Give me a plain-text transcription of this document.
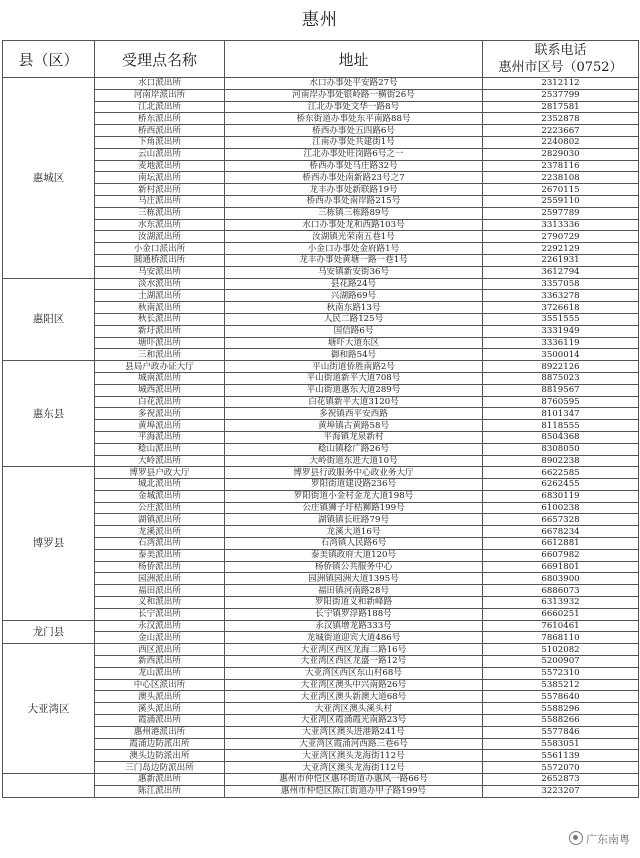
惠州
县（区）	受理点名称	地址	联系电话
惠州市区号（0752）

惠城区	水口派出所	水口办事处平安路27号	2312112
	河南岸派出所	河南岸办事处银岭路一横街26号	2537799
	江北派出所	江北办事处文华一路8号	2817581
	桥东派出所	桥东街道办事处东平南路88号	2352878
	桥西派出所	桥西办事处五四路6号	2223667
	下角派出所	江南办事处共建街1号	2240802
	云山派出所	江北办事处旺岗路6号之一	2829030
	麦地派出所	桥西办事处马庄路32号	2378116
	南坛派出所	桥西办事处南新路23号之7	2238108
	新村派出所	龙丰办事处新联路19号	2670115
	马庄派出所	桥西办事处南岸路215号	2559110
	三栋派出所	三栋镇三栋路89号	2597789
	水东派出所	水口办事处龙和西路103号	3313336
	汝湖派出所	汝湖镇光荣南五巷1号	2790729
	小金口派出所	小金口办事处金府路1号	2292129
	圆通桥派出所	龙丰办事处黄塘一路一巷1号	2261931
	马安派出所	马安镇新安街36号	3612794
惠阳区	淡水派出所	县花路24号	3357058
	土湖派出所	兴湖路69号	3363278
	秋南派出所	秋南东路13号	3726618
	秋长派出所	人民二路125号	3551555
	新圩派出所	国信路6号	3331949
	塘吓派出所	塘吓大道东区	3336119
	三和派出所	御和路54号	3500014
惠东县	县局户政办证大厅	平山街道侨胜南路2号	8922126
	城南派出所	平山街道新平大道708号	8875023
	城西派出所	平山街道惠东大道289号	8819567
	白花派出所	白花镇新平大道3120号	8760595
	多祝派出所	多祝镇西平安西路	8101347
	黄埠派出所	黄埠镇古黄路58号	8118555
	平海派出所	平海镇龙泉新村	8504368
	稔山派出所	稔山镇稔广路26号	8308050
	大岭派出所	大岭街道东进大道10号	8902238
博罗县	博罗县户政大厅	博罗县行政服务中心政业务大厅	6622585
	城北派出所	罗阳街道建设路236号	6262455
	金城派出所	罗阳街道小金村金龙大道198号	6830119
	公庄派出所	公庄镇狮子圩桔狮路199号	6100238
	湖镇派出所	湖镇镇长旺路79号	6657328
	龙溪派出所	龙溪大道16号	6678234
	石湾派出所	石湾镇人民路6号	6612881
	泰美派出所	泰美镇政府大道120号	6607982
	杨侨派出所	杨侨镇公共服务中心	6691801
	园洲派出所	园洲镇园洲大道1395号	6803900
	福田派出所	福田镇河南路28号	6886073
	义和派出所	罗阳街道义和新峰路	6313932
	长宁派出所	长宁镇罗浮路188号	6660251
龙门县	永汉派出所	永汉镇增龙路333号	7610461
	金山派出所	龙城街道迎宾大道486号	7868110
大亚湾区	西区派出所	大亚湾区西区龙海二路16号	5102082
	新西派出所	大亚湾区西区龙盛一路12号	5200907
	龙山派出所	大亚湾区西区东山村68号	5572310
	中心区派出所	大亚湾区澳头中兴南路26号	5385212
	澳头派出所	大亚湾区澳头新澳大道68号	5578640
	溪头派出所	大亚湾区澳头溪头村	5588296
	霞涌派出所	大亚湾区霞涌霞光南路23号	5588266
	惠州港派出所	大亚湾区澳头进港路241号	5577846
	霞涌边防派出所	大亚湾区霞涌河西路三巷6号	5583051
	澳头边防派出所	大亚湾区澳头龙海街112号	5561139
	三门岛边防派出所	大亚湾区澳头龙海街112号	5572070
	惠新派出所	惠州市仲恺区惠环街道办惠风一路66号	2652873
	陈江派出所	惠州市仲恺区陈江街道办甲子路199号	3223207
广东南粤
